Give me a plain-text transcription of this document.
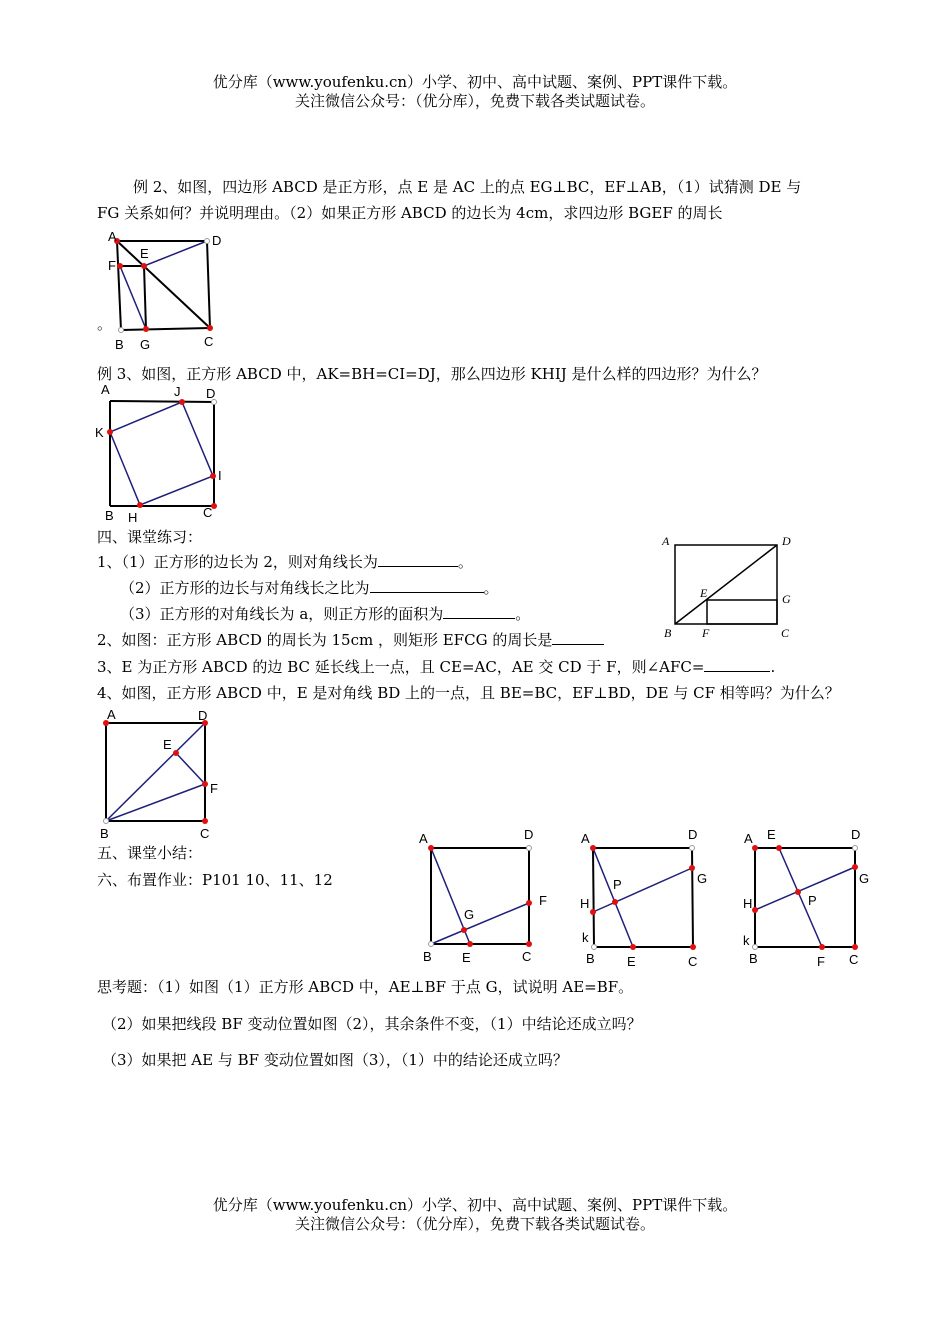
优分库（www.youfenku.cn）小学、初中、高中试题、案例、PPT课件下载。
关注微信公众号：（优分库），免费下载各类试题试卷。
例 2、如图，四边形 ABCD 是正方形，点 E 是 AC 上的点 EG⊥BC，EF⊥AB，（1）试猜测 DE 与
FG 关系如何？并说明理由。（2）如果正方形 ABCD 的边长为 4cm，求四边形 BGEF 的周长
。
A	D
E
F
B G	C
例 3、如图，正方形 ABCD 中，AK=BH=CI=DJ，那么四边形 KHIJ 是什么样的四边形？为什么？
A	J D
K
I
B H	C
四、课堂练习：
1、（1）正方形的边长为 2，则对角线长为	。
（2）正方形的边长与对角线长之比为	。
（3）正方形的对角线长为 a，则正方形的面积为	。
2、如图：正方形 ABCD 的周长为 15cm ，则矩形 EFCG 的周长是
3、E 为正方形 ABCD 的边 BC 延长线上一点，且 CE=AC，AE 交 CD 于 F，则∠AFC=	.
4、如图，正方形 ABCD 中，E 是对角线 BD 上的一点，且 BE=BC，EF⊥BD，DE 与 CF 相等吗？为什么？
A	D
E	G
B	F	C
A	D
E
F
B	C
五、课堂小结：
六、布置作业：P101 10、11、12
A	D
F
G
B E	C
A	D
G
P
H
k
B E	C
A E	D
G
H	P
k
B	F C
思考题：（1）如图（1）正方形 ABCD 中，AE⊥BF 于点 G，试说明 AE=BF。
（2）如果把线段 BF 变动位置如图（2），其余条件不变，（1）中结论还成立吗？
（3）如果把 AE 与 BF 变动位置如图（3），（1）中的结论还成立吗？
优分库（www.youfenku.cn）小学、初中、高中试题、案例、PPT课件下载。
关注微信公众号：（优分库），免费下载各类试题试卷。
